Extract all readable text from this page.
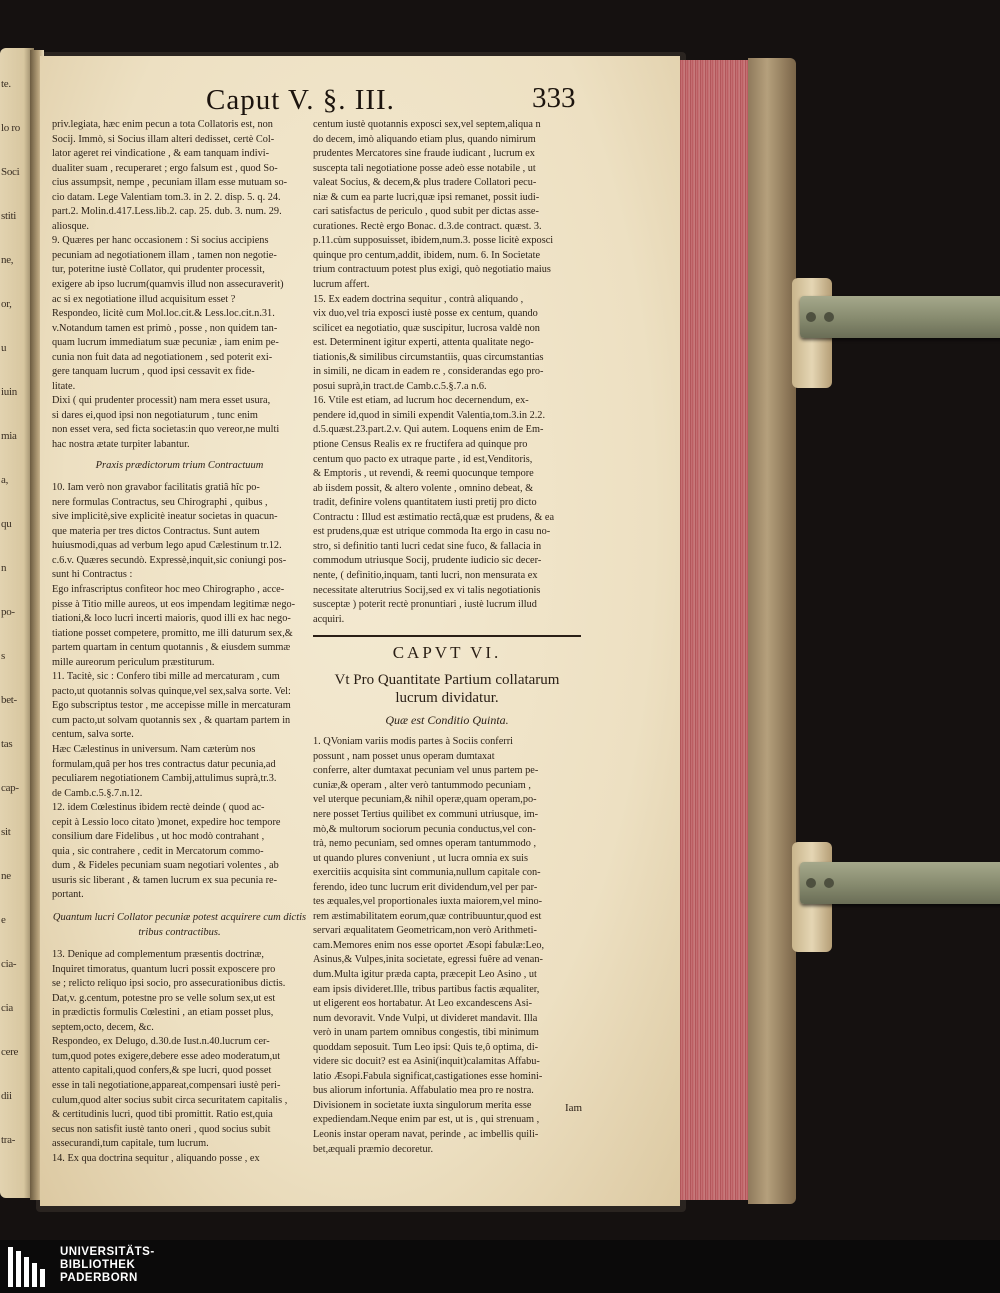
te.
lo ro
Soci
stiti
ne,
or,
u
iuin
mia
a,
qu
n
po-
s
bet-
tas
cap-
sit
ne
e
cia-
cia
cere
dii
tra-
Caput V. §. III.	333
priv.legiata, hæc enim pecun a tota Collatoris est, non
Socij. Immò, si Socius illam alteri dedisset, certè Col-
lator ageret rei vindicatione , & eam tanquam indivi-
dualiter suam , recuperaret ; ergo falsum est , quod So-
cius assumpsit, nempe , pecuniam illam esse mutuam so-
cio datam. Lege Valentiam tom.3. in 2. 2. disp. 5. q. 24.
part.2. Molin.d.417.Less.lib.2. cap. 25. dub. 3. num. 29.
aliosque.
9. Quæres per hanc occasionem : Si socius accipiens
pecuniam ad negotiationem illam , tamen non negotie-
tur, poteritne iustè Collator, qui prudenter processit,
exigere ab ipso lucrum(quamvis illud non assecuraverit)
ac si ex negotiatione illud acquisitum esset ?
Respondeo, licitè cum Mol.loc.cit.& Less.loc.cit.n.31.
v.Notandum tamen est primò , posse , non quidem tan-
quam lucrum immediatum suæ pecuniæ , iam enim pe-
cunia non fuit data ad negotiationem , sed poterit exi-
gere tanquam lucrum , quod ipsi cessavit ex fide-
litate.
Dixi ( qui prudenter processit) nam mera esset usura,
si dares ei,quod ipsi non negotiaturum , tunc enim
non esset vera, sed ficta societas:in quo vereor,ne multi
hac nostra ætate turpiter labantur.
Praxis prædictorum trium Contractuum
10. Iam verò non gravabor facilitatis gratiâ hîc po-
nere formulas Contractus, seu Chirographi , quibus ,
sive implicitè,sive explicitè ineatur societas in quacun-
que materia per tres dictos Contractus. Sunt autem
huiusmodi,quas ad verbum lego apud Cælestinum tr.12.
c.6.v. Quæres secundò. Expressè,inquit,sic coniungi pos-
sunt hi Contractus :
Ego infrascriptus confiteor hoc meo Chirographo , acce-
pisse à Titio mille aureos, ut eos impendam legitimæ nego-
tiationi,& loco lucri incerti maioris, quod illi ex hac nego-
tiatione posset competere, promitto, me illi daturum sex,&
partem quartam in centum quotannis , & eiusdem summæ
mille aureorum periculum præstiturum.
11. Tacitè, sic : Confero tibi mille ad mercaturam , cum
pacto,ut quotannis solvas quinque,vel sex,salva sorte. Vel:
Ego subscriptus testor , me accepisse mille in mercaturam
cum pacto,ut solvam quotannis sex , & quartam partem in
centum, salva sorte.
Hæc Cælestinus in universum. Nam cæterùm nos
formulam,quâ per hos tres contractus datur pecunia,ad
peculiarem negotiationem Cambij,attulimus suprà,tr.3.
de Camb.c.5.§.7.n.12.
12. idem Cœlestinus ibidem rectè deinde ( quod ac-
cepit à Lessio loco citato )monet, expedire hoc tempore
consilium dare Fidelibus , ut hoc modò contrahant ,
quia , sic contrahere , cedit in Mercatorum commo-
dum , & Fideles pecuniam suam negotiari volentes , ab
usuris sic liberant , & tamen lucrum ex sua pecunia re-
portant.
Quantum lucri Collator pecuniæ potest acquirere cum dictis tribus contractibus.
13. Denique ad complementum præsentis doctrinæ,
Inquiret timoratus, quantum lucri possit exposcere pro
se ; relicto reliquo ipsi socio, pro assecurationibus dictis.
Dat,v. g.centum, potestne pro se velle solum sex,ut est
in prædictis formulis Cœlestini , an etiam posset plus,
septem,octo, decem, &c.
Respondeo, ex Delugo, d.30.de Iust.n.40.lucrum cer-
tum,quod potes exigere,debere esse adeo moderatum,ut
attento capitali,quod confers,& spe lucri, quod posset
esse in tali negotiatione,appareat,compensari iustè peri-
culum,quod alter socius subit circa securitatem capitalis ,
& certitudinis lucri, quod tibi promittit. Ratio est,quia
secus non satisfit iustè tanto oneri , quod socius subit
assecurandi,tum capitale, tum lucrum.
14. Ex qua doctrina sequitur , aliquando posse , ex
centum iustè quotannis exposci sex,vel septem,aliqua n
do decem, imò aliquando etiam plus, quando nimirum
prudentes Mercatores sine fraude iudicant , lucrum ex
suscepta tali negotiatione posse adeò esse notabile , ut
valeat Socius, & decem,& plus tradere Collatori pecu-
niæ & cum ea parte lucri,quæ ipsi remanet, possit iudi-
cari satisfactus de periculo , quod subit per dictas asse-
curationes. Rectè ergo Bonac. d.3.de contract. quæst. 3.
p.11.cùm supposuisset, ibidem,num.3. posse licitè exposci
quinque pro centum,addit, ibidem, num. 6. In Societate
trium contractuum potest plus exigi, quò negotiatio maius
lucrum affert.
15. Ex eadem doctrina sequitur , contrà aliquando ,
vix duo,vel tria exposci iustè posse ex centum, quando
scilicet ea negotiatio, quæ suscipitur, lucrosa valdè non
est. Determinent igitur experti, attenta qualitate nego-
tiationis,& similibus circumstantiis, quas circumstantias
in simili, ne dicam in eadem re , considerandas ego pro-
posui suprà,in tract.de Camb.c.5.§.7.a n.6.
16. Vtile est etiam, ad lucrum hoc decernendum, ex-
pendere id,quod in simili expendit Valentia,tom.3.in 2.2.
d.5.quæst.23.part.2.v. Qui autem. Loquens enim de Em-
ptione Census Realis ex re fructifera ad quinque pro
centum quo pacto ex utraque parte , id est,Venditoris,
& Emptoris , ut revendi, & reemi quocunque tempore
ab iisdem possit, & altero volente , omnino debeat, &
tradit, definire volens quantitatem iusti pretij pro dicto
Contractu : Illud est æstimatio rectâ,quæ est prudens, & ea
est prudens,quæ est utrique commoda Ita ergo in casu no-
stro, si definitio tanti lucri cedat sine fuco, & fallacia in
commodum utriusque Socij, prudente iudicio sic decer-
nente, ( definitio,inquam, tanti lucri, non mensurata ex
necessitate alterutrius Socij,sed ex vi talis negotiationis
susceptæ ) poterit rectè pronuntiari , iustè lucrum illud
acquiri.
CAPVT VI.
Vt Pro Quantitate Partium collatarum
lucrum dividatur.
Quæ est Conditio Quinta.
1. QVoniam variis modis partes à Sociis conferri
possunt , nam posset unus operam dumtaxat
conferre, alter dumtaxat pecuniam vel unus partem pe-
cuniæ,& operam , alter verò tantummodo pecuniam ,
vel uterque pecuniam,& nihil operæ,quam operam,po-
nere posset Tertius quilibet ex communi utriusque, im-
mò,& multorum sociorum pecunia conductus,vel con-
trà, nemo pecuniam, sed omnes operam tantummodo ,
ut quando plures conveniunt , ut lucra omnia ex suis
exercitiis acquisita sint communia,nullum capitale con-
ferendo, ideo tunc lucrum erit dividendum,vel per par-
tes æquales,vel proportionales iuxta maiorem,vel mino-
rem æstimabilitatem eorum,quæ contribuuntur,quod est
servari æqualitatem Geometricam,non verò Arithmeti-
cam.Memores enim nos esse oportet Æsopi fabulæ:Leo,
Asinus,& Vulpes,inita societate, egressi fuêre ad venan-
dum.Multa igitur præda capta, præcepit Leo Asino , ut
eam ipsis divideret.Ille, tribus partibus factis æqualiter,
ut eligerent eos hortabatur. At Leo excandescens Asi-
num devoravit. Vnde Vulpi, ut divideret mandavit. Illa
verò in unam partem omnibus congestis, tibi minimum
quoddam seposuit. Tum Leo ipsi: Quis te,ô optima, di-
videre sic docuit? est ea Asini(inquit)calamitas Affabu-
latio Æsopi.Fabula significat,castigationes esse homini-
bus aliorum infortunia. Affabulatio mea pro re nostra.
Divisionem in societate iuxta singulorum merita esse
expediendam.Neque enim par est, ut is , qui strenuam ,
Leonis instar operam navat, perinde , ac imbellis quili-
bet,æquali præmio decoretur.
Iam
UNIVERSITÄTS-
BIBLIOTHEK
PADERBORN
